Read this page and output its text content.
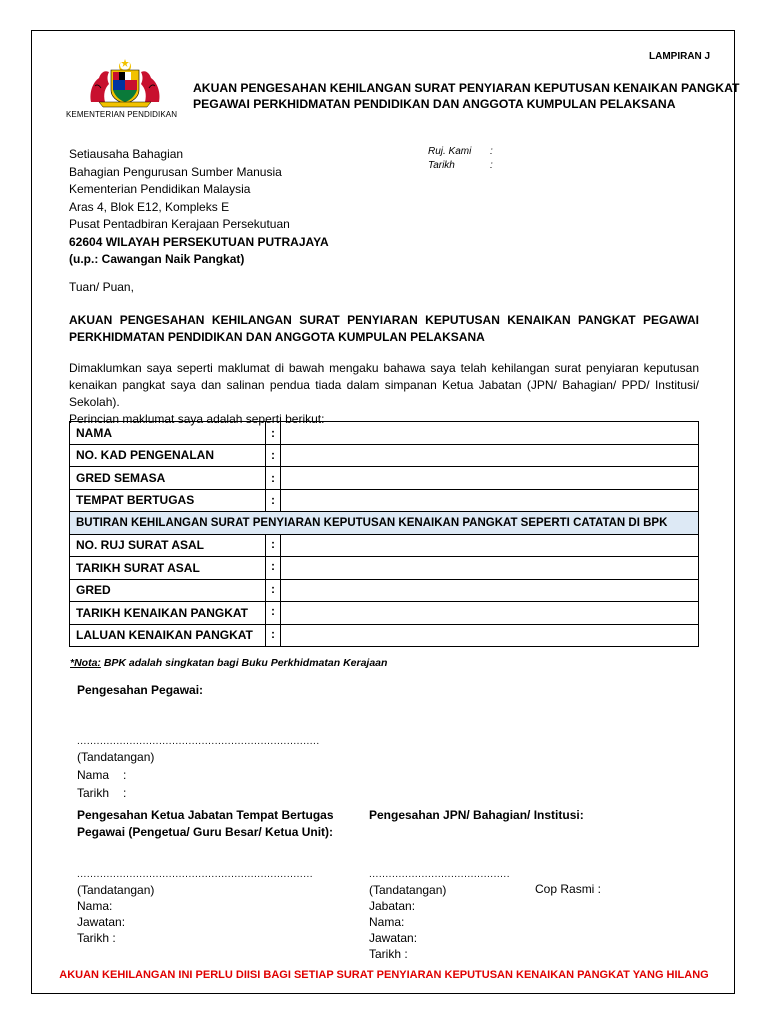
LAMPIRAN J
KEMENTERIAN PENDIDIKAN
AKUAN PENGESAHAN KEHILANGAN SURAT PENYIARAN KEPUTUSAN KENAIKAN PANGKAT
PEGAWAI PERKHIDMATAN PENDIDIKAN DAN ANGGOTA KUMPULAN PELAKSANA
Setiausaha Bahagian
Bahagian Pengurusan Sumber Manusia
Kementerian Pendidikan Malaysia
Aras 4, Blok E12, Kompleks E
Pusat Pentadbiran Kerajaan Persekutuan
62604 WILAYAH PERSEKUTUAN PUTRAJAYA
(u.p.: Cawangan Naik Pangkat)
Ruj. Kami	:
Tarikh	:
Tuan/ Puan,
AKUAN PENGESAHAN KEHILANGAN SURAT PENYIARAN KEPUTUSAN KENAIKAN PANGKAT PEGAWAI
PERKHIDMATAN PENDIDIKAN DAN ANGGOTA KUMPULAN PELAKSANA
Dimaklumkan saya seperti maklumat di bawah mengaku bahawa saya telah kehilangan surat penyiaran keputusan
kenaikan pangkat saya dan salinan pendua tiada dalam simpanan Ketua Jabatan (JPN/ Bahagian/ PPD/ Institusi/ Sekolah).
Perincian maklumat saya adalah seperti berikut:
NAMA	:	
NO. KAD PENGENALAN	:	
GRED SEMASA	:	
TEMPAT BERTUGAS	:	
BUTIRAN KEHILANGAN SURAT PENYIARAN KEPUTUSAN KENAIKAN PANGKAT SEPERTI CATATAN DI BPK		
NO. RUJ SURAT ASAL	:	
TARIKH SURAT ASAL	:	
GRED	:	
TARIKH KENAIKAN PANGKAT	:	
LALUAN KENAIKAN PANGKAT	:	
*Nota: BPK adalah singkatan bagi Buku Perkhidmatan Kerajaan
Pengesahan Pegawai:
..........................................................................
(Tandatangan)
Nama	:
Tarikh	:
Pengesahan Ketua Jabatan Tempat Bertugas
Pegawai (Pengetua/ Guru Besar/ Ketua Unit):
........................................................................
(Tandatangan)
Nama:
Jawatan:
Tarikh :
Pengesahan JPN/ Bahagian/ Institusi:
...........................................
(Tandatangan)
Jabatan:
Nama:
Jawatan:
Tarikh :
Cop Rasmi :
AKUAN KEHILANGAN INI PERLU DIISI BAGI SETIAP SURAT PENYIARAN KEPUTUSAN KENAIKAN PANGKAT YANG HILANG
